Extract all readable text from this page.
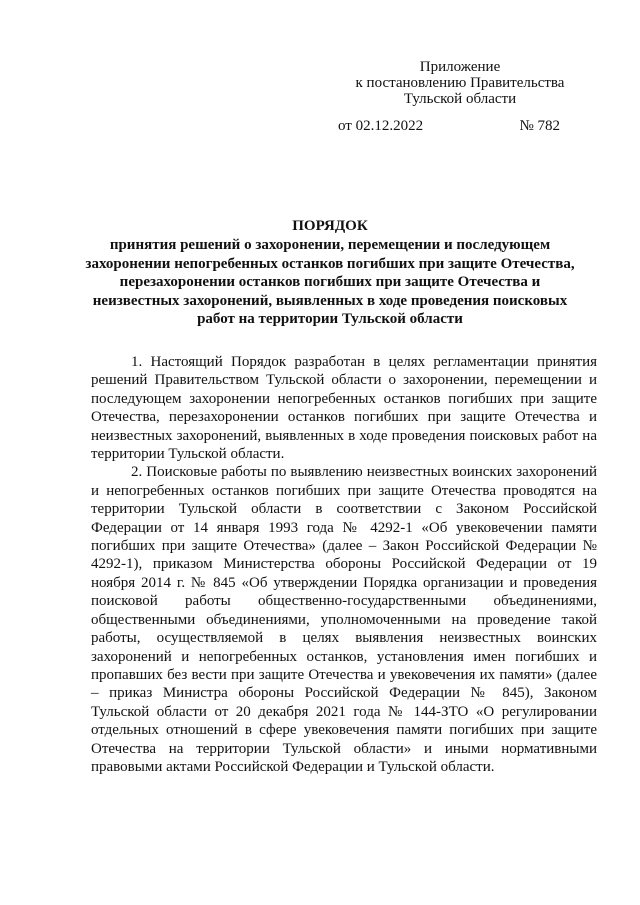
Приложение
к постановлению Правительства
Тульской области
от 02.12.2022	№ 782
ПОРЯДОК
принятия решений о захоронении, перемещении и последующем захоронении непогребенных останков погибших при защите Отечества, перезахоронении останков погибших при защите Отечества и неизвестных захоронений, выявленных в ходе проведения поисковых работ на территории Тульской области

1. Настоящий Порядок разработан в целях регламентации принятия решений Правительством Тульской области о захоронении, перемещении и последующем захоронении непогребенных останков погибших при защите Отечества, перезахоронении останков погибших при защите Отечества и неизвестных захоронений, выявленных в ходе проведения поисковых работ на территории Тульской области.

2. Поисковые работы по выявлению неизвестных воинских захоронений и непогребенных останков погибших при защите Отечества проводятся на территории Тульской области в соответствии с Законом Российской Федерации от 14 января 1993 года № 4292-1 «Об увековечении памяти погибших при защите Отечества» (далее – Закон Российской Федерации № 4292-1), приказом Министерства обороны Российской Федерации от 19 ноября 2014 г. № 845 «Об утверждении Порядка организации и проведения поисковой работы общественно-государственными объединениями, общественными объединениями, уполномоченными на проведение такой работы, осуществляемой в целях выявления неизвестных воинских захоронений и непогребенных останков, установления имен погибших и пропавших без вести при защите Отечества и увековечения их памяти» (далее – приказ Министра обороны Российской Федерации № 845), Законом Тульской области от 20 декабря 2021 года № 144-ЗТО «О регулировании отдельных отношений в сфере увековечения памяти погибших при защите Отечества на территории Тульской области» и иными нормативными правовыми актами Российской Федерации и Тульской области.
